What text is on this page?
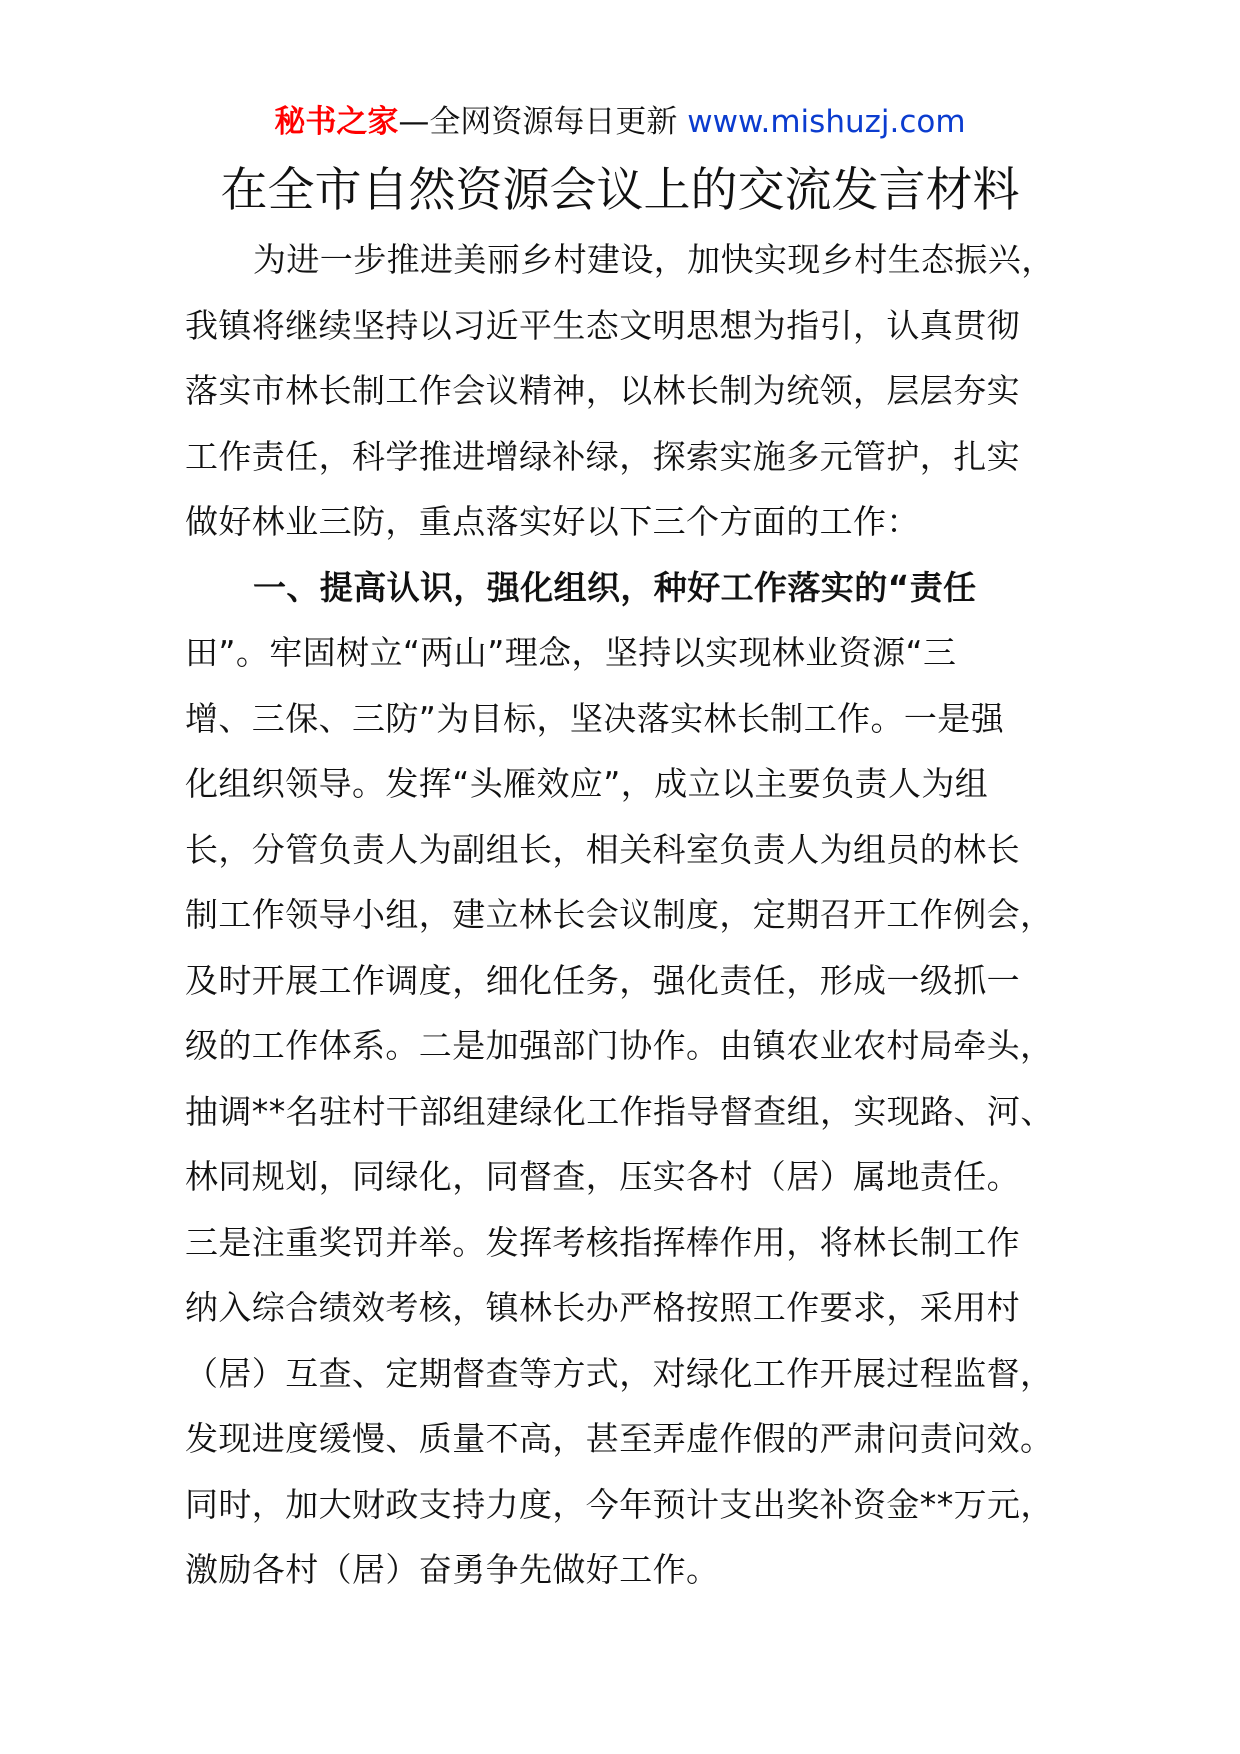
秘书之家—全网资源每日更新 www.mishuzj.com
在全市自然资源会议上的交流发言材料
为进一步推进美丽乡村建设，加快实现乡村生态振兴，
我镇将继续坚持以习近平生态文明思想为指引，认真贯彻
落实市林长制工作会议精神，以林长制为统领，层层夯实
工作责任，科学推进增绿补绿，探索实施多元管护，扎实
做好林业三防，重点落实好以下三个方面的工作：
一、提高认识，强化组织，种好工作落实的“责任
田”。牢固树立“两山”理念，坚持以实现林业资源“三
增、三保、三防”为目标，坚决落实林长制工作。一是强
化组织领导。发挥“头雁效应”，成立以主要负责人为组
长，分管负责人为副组长，相关科室负责人为组员的林长
制工作领导小组，建立林长会议制度，定期召开工作例会，
及时开展工作调度，细化任务，强化责任，形成一级抓一
级的工作体系。二是加强部门协作。由镇农业农村局牵头，
抽调**名驻村干部组建绿化工作指导督查组，实现路、河、
林同规划，同绿化，同督查，压实各村（居）属地责任。
三是注重奖罚并举。发挥考核指挥棒作用，将林长制工作
纳入综合绩效考核，镇林长办严格按照工作要求，采用村
（居）互查、定期督查等方式，对绿化工作开展过程监督，
发现进度缓慢、质量不高，甚至弄虚作假的严肃问责问效。
同时，加大财政支持力度，今年预计支出奖补资金**万元，
激励各村（居）奋勇争先做好工作。
